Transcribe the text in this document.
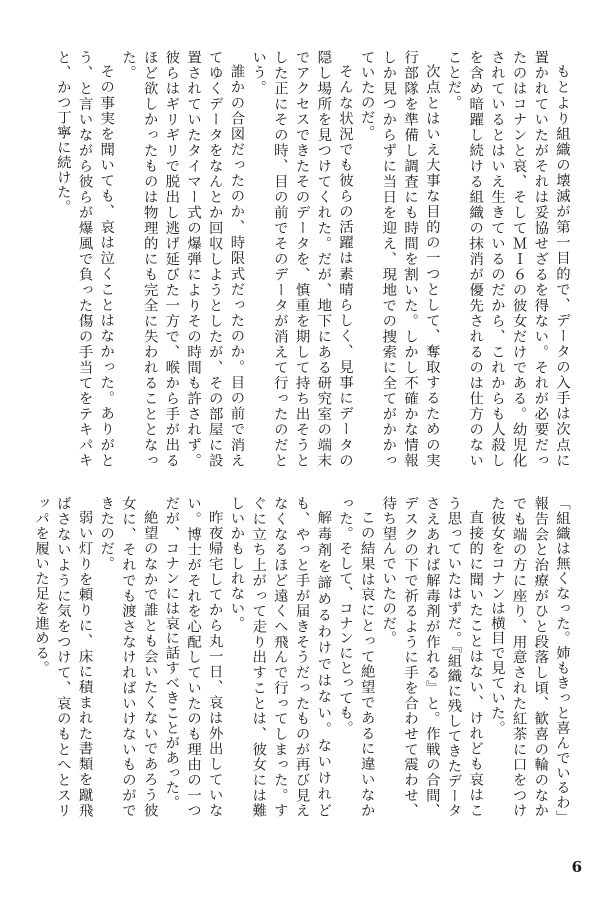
もとより組織の壊滅が第一目的で、データの入手は次点に置かれていたがそれは妥協せざるを得ない。それが必要だったのはコナンと哀、そしてＭＩ６の彼女だけである。幼児化されているとはいえ生きているのだから、これからも人殺しを含め暗躍し続ける組織の抹消が優先されるのは仕方のないことだ。

次点とはいえ大事な目的の一つとして、奪取するための実行部隊を準備し調査にも時間を割いた。しかし不確かな情報しか見つからずに当日を迎え、現地での捜索に全てがかかっていたのだ。

そんな状況でも彼らの活躍は素晴らしく、見事にデータの隠し場所を見つけてくれた。だが、地下にある研究室の端末でアクセスできたそのデータを、慎重を期して持ち出そうとした正にその時、目の前でそのデータが消えて行ったのだという。

誰かの合図だったのか、時限式だったのか。目の前で消えてゆくデータをなんとか回収しようとしたが、その部屋に設置されていたタイマー式の爆弾によりその時間も許されず。彼らはギリギリで脱出し逃げ延びた一方で、喉から手が出るほど欲しかったものは物理的にも完全に失われることとなった。

その事実を聞いても、哀は泣くことはなかった。ありがとう、と言いながら彼らが爆風で負った傷の手当てをテキパキと、かつ丁寧に続けた。

「組織は無くなった。姉もきっと喜んでいるわ」

報告会と治療がひと段落し頃、歓喜の輪のなかでも端の方に座り、用意された紅茶に口をつけた彼女をコナンは横目で見ていた。

直接的に聞いたことはない、けれども哀はこう思っていたはずだ。『組織に残してきたデータさえあれば解毒剤が作れる』と。作戦の合間、デスクの下で祈るように手を合わせて震わせ、待ち望んでいたのだ。

この結果は哀にとって絶望であるに違いなかった。そして、コナンにとっても。

解毒剤を諦めるわけではない。ないけれども、やっと手が届きそうだったものが再び見えなくなるほど遠くへ飛んで行ってしまった。すぐに立ち上がって走り出すことは、彼女には難しいかもしれない。

昨夜帰宅してから丸一日、哀は外出していない。博士がそれを心配していたのも理由の一つだが、コナンには哀に話すべきことがあった。

絶望のなかで誰とも会いたくないであろう彼女に、それでも渡さなければいけないものができたのだ。

弱い灯りを頼りに、床に積まれた書類を蹴飛ばさないように気をつけて、哀のもとへとスリッパを履いた足を進める。

6
